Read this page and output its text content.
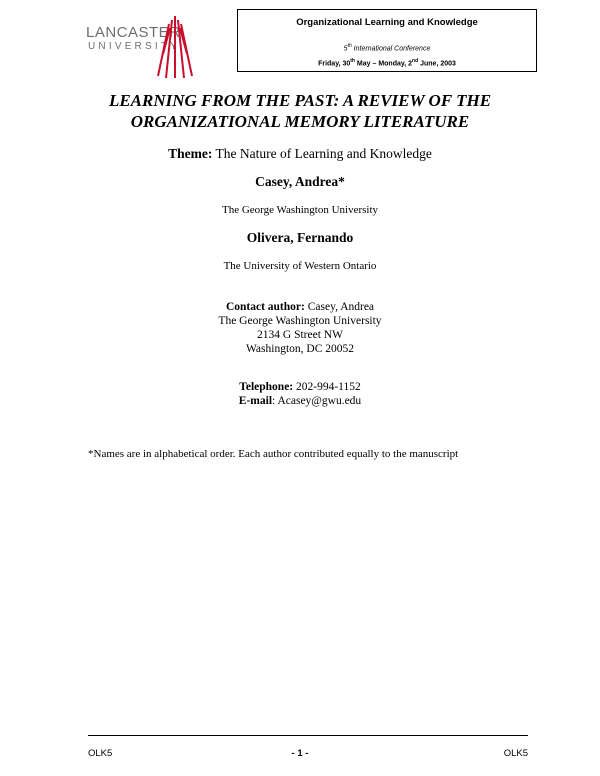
LANCASTER
UNIVERSITY
Organizational Learning and Knowledge
5th International Conference
Friday, 30th May – Monday, 2nd June, 2003
LEARNING FROM THE PAST: A REVIEW OF THE
ORGANIZATIONAL MEMORY LITERATURE
Theme: The Nature of Learning and Knowledge
Casey, Andrea*
The George Washington University
Olivera, Fernando
The University of Western Ontario
Contact author: Casey, Andrea
The George Washington University
2134 G Street NW
Washington, DC 20052
Telephone: 202-994-1152
E-mail: Acasey@gwu.edu
*Names are in alphabetical order. Each author contributed equally to the manuscript
OLK5	- 1 -	OLK5
